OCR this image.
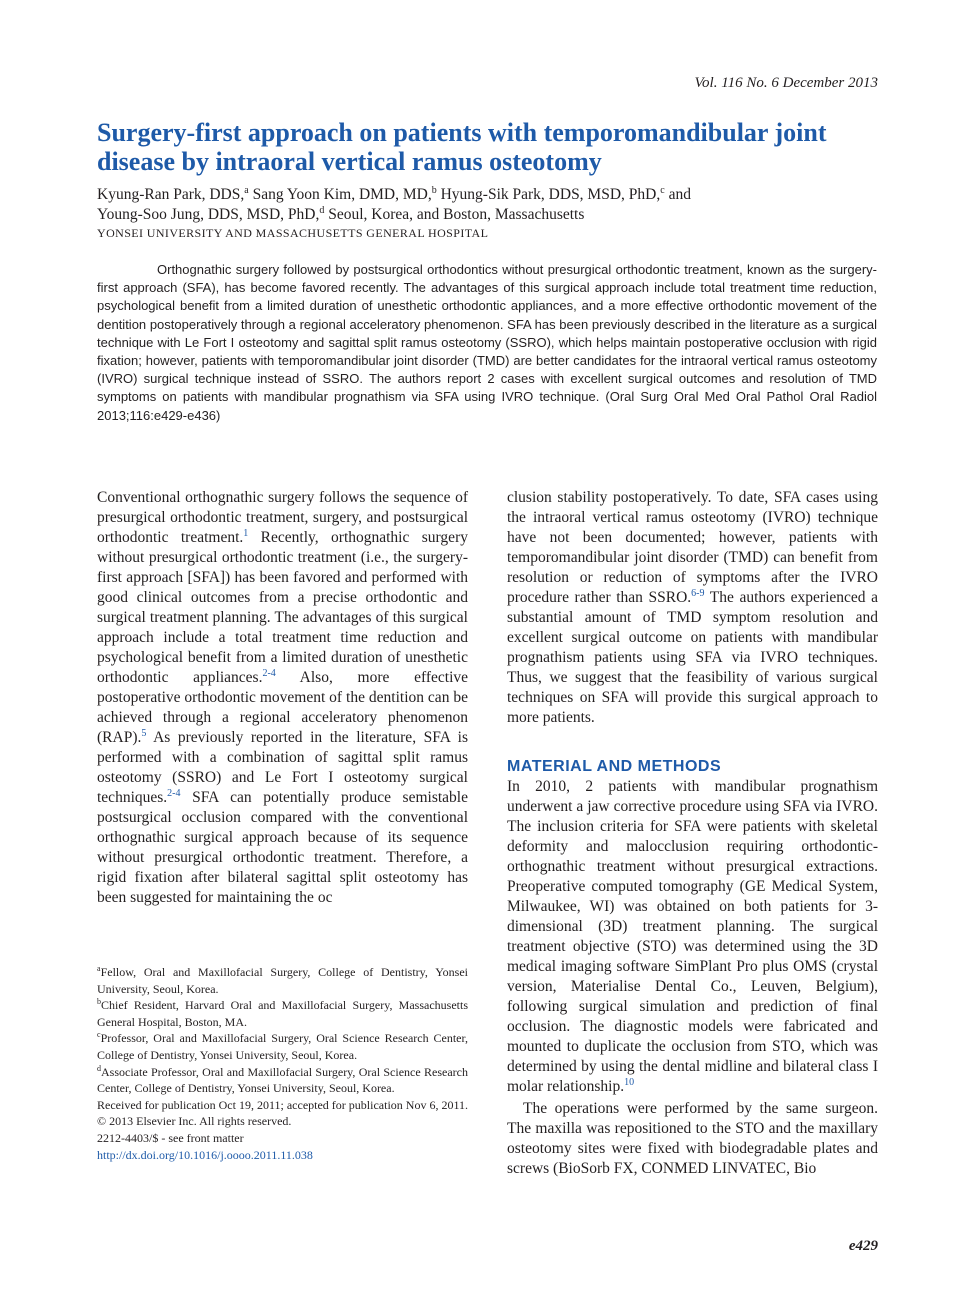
Vol. 116 No. 6 December 2013
Surgery-first approach on patients with temporomandibular joint disease by intraoral vertical ramus osteotomy
Kyung-Ran Park, DDS,$^a$ Sang Yoon Kim, DMD, MD,$^b$ Hyung-Sik Park, DDS, MSD, PhD,$^c$ and
Young-Soo Jung, DDS, MSD, PhD,$^d$ Seoul, Korea, and Boston, Massachusetts
YONSEI UNIVERSITY AND MASSACHUSETTS GENERAL HOSPITAL

Orthognathic surgery followed by postsurgical orthodontics without presurgical orthodontic treatment, known as the surgery-first approach (SFA), has become favored recently. The advantages of this surgical approach include total treatment time reduction, psychological benefit from a limited duration of unesthetic orthodontic appliances, and a more effective orthodontic movement of the dentition postoperatively through a regional acceleratory phenomenon. SFA has been previously described in the literature as a surgical technique with Le Fort I osteotomy and sagittal split ramus osteotomy (SSRO), which helps maintain postoperative occlusion with rigid fixation; however, patients with temporomandibular joint disorder (TMD) are better candidates for the intraoral vertical ramus osteotomy (IVRO) surgical technique instead of SSRO. The authors report 2 cases with excellent surgical outcomes and resolution of TMD symptoms on patients with mandibular prognathism via SFA using IVRO technique. (Oral Surg Oral Med Oral Pathol Oral Radiol 2013;116:e429-e436)

Conventional orthognathic surgery follows the sequence of presurgical orthodontic treatment, surgery, and postsurgical orthodontic treatment.$^1$ Recently, orthognathic surgery without presurgical orthodontic treatment (i.e., the surgery-first approach [SFA]) has been favored and performed with good clinical outcomes from a precise orthodontic and surgical treatment planning. The advantages of this surgical approach include a total treatment time reduction and psychological benefit from a limited duration of unesthetic orthodontic appliances.$^{2-4}$ Also, more effective postoperative orthodontic movement of the dentition can be achieved through a regional acceleratory phenomenon (RAP).$^5$ As previously reported in the literature, SFA is performed with a combination of sagittal split ramus osteotomy (SSRO) and Le Fort I osteotomy surgical techniques.$^{2-4}$ SFA can potentially produce semistable postsurgical occlusion compared with the conventional orthognathic surgical approach because of its sequence without presurgical orthodontic treatment. Therefore, a rigid fixation after bilateral sagittal split osteotomy has been suggested for maintaining the oc

clusion stability postoperatively. To date, SFA cases using the intraoral vertical ramus osteotomy (IVRO) technique have not been documented; however, patients with temporomandibular joint disorder (TMD) can benefit from resolution or reduction of symptoms after the IVRO procedure rather than SSRO.$^{6-9}$ The authors experienced a substantial amount of TMD symptom resolution and excellent surgical outcome on patients with mandibular prognathism patients using SFA via IVRO techniques. Thus, we suggest that the feasibility of various surgical techniques on SFA will provide this surgical approach to more patients.

MATERIAL AND METHODS

In 2010, 2 patients with mandibular prognathism underwent a jaw corrective procedure using SFA via IVRO. The inclusion criteria for SFA were patients with skeletal deformity and malocclusion requiring orthodontic-orthognathic treatment without presurgical extractions. Preoperative computed tomography (GE Medical System, Milwaukee, WI) was obtained on both patients for 3-dimensional (3D) treatment planning. The surgical treatment objective (STO) was determined using the 3D medical imaging software SimPlant Pro plus OMS (crystal version, Materialise Dental Co., Leuven, Belgium), following surgical simulation and prediction of final occlusion. The diagnostic models were fabricated and mounted to duplicate the occlusion from STO, which was determined by using the dental midline and bilateral class I molar relationship.$^{10}$

The operations were performed by the same surgeon. The maxilla was repositioned to the STO and the maxillary osteotomy sites were fixed with biodegradable plates and screws (BioSorb FX, CONMED LINVATEC, Bio

$^a$Fellow, Oral and Maxillofacial Surgery, College of Dentistry, Yonsei University, Seoul, Korea.

$^b$Chief Resident, Harvard Oral and Maxillofacial Surgery, Massachusetts General Hospital, Boston, MA.

$^c$Professor, Oral and Maxillofacial Surgery, Oral Science Research Center, College of Dentistry, Yonsei University, Seoul, Korea.

$^d$Associate Professor, Oral and Maxillofacial Surgery, Oral Science Research Center, College of Dentistry, Yonsei University, Seoul, Korea.

Received for publication Oct 19, 2011; accepted for publication Nov 6, 2011.

© 2013 Elsevier Inc. All rights reserved.

2212-4403/$ - see front matter

http://dx.doi.org/10.1016/j.oooo.2011.11.038

e429
